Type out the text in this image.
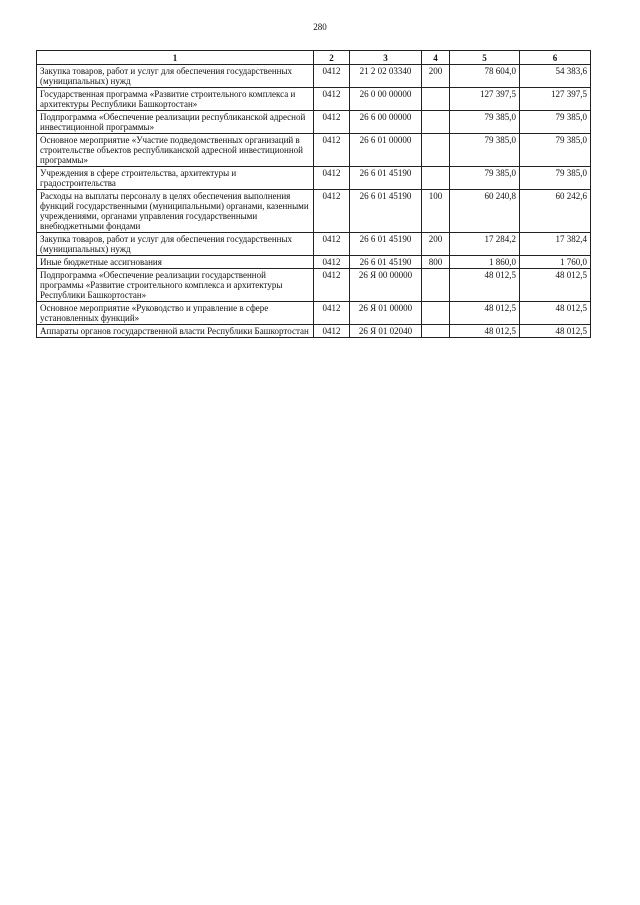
280
1	2	3	4	5	6
Закупка товаров, работ и услуг для обеспечения государственных (муниципальных) нужд	0412	21 2 02 03340	200	78 604,0	54 383,6
Государственная программа «Развитие строительного комплекса и архитектуры Республики Башкортостан»	0412	26 0 00 00000		127 397,5	127 397,5
Подпрограмма «Обеспечение реализации республиканской адресной инвестиционной программы»	0412	26 6 00 00000		79 385,0	79 385,0
Основное мероприятие «Участие подведомственных организаций в строительстве объектов республиканской адресной инвестиционной программы»	0412	26 6 01 00000		79 385,0	79 385,0
Учреждения в сфере строительства, архитектуры и градостроительства	0412	26 6 01 45190		79 385,0	79 385,0
Расходы на выплаты персоналу в целях обеспечения выполнения функций государственными (муниципальными) органами, казенными учреждениями, органами управления государственными внебюджетными фондами	0412	26 6 01 45190	100	60 240,8	60 242,6
Закупка товаров, работ и услуг для обеспечения государственных (муниципальных) нужд	0412	26 6 01 45190	200	17 284,2	17 382,4
Иные бюджетные ассигнования	0412	26 6 01 45190	800	1 860,0	1 760,0
Подпрограмма «Обеспечение реализации государственной программы «Развитие строительного комплекса и архитектуры Республики Башкортостан»	0412	26 Я 00 00000		48 012,5	48 012,5
Основное мероприятие «Руководство и управление в сфере установленных функций»	0412	26 Я 01 00000		48 012,5	48 012,5
Аппараты органов государственной власти Республики Башкортостан	0412	26 Я 01 02040		48 012,5	48 012,5
